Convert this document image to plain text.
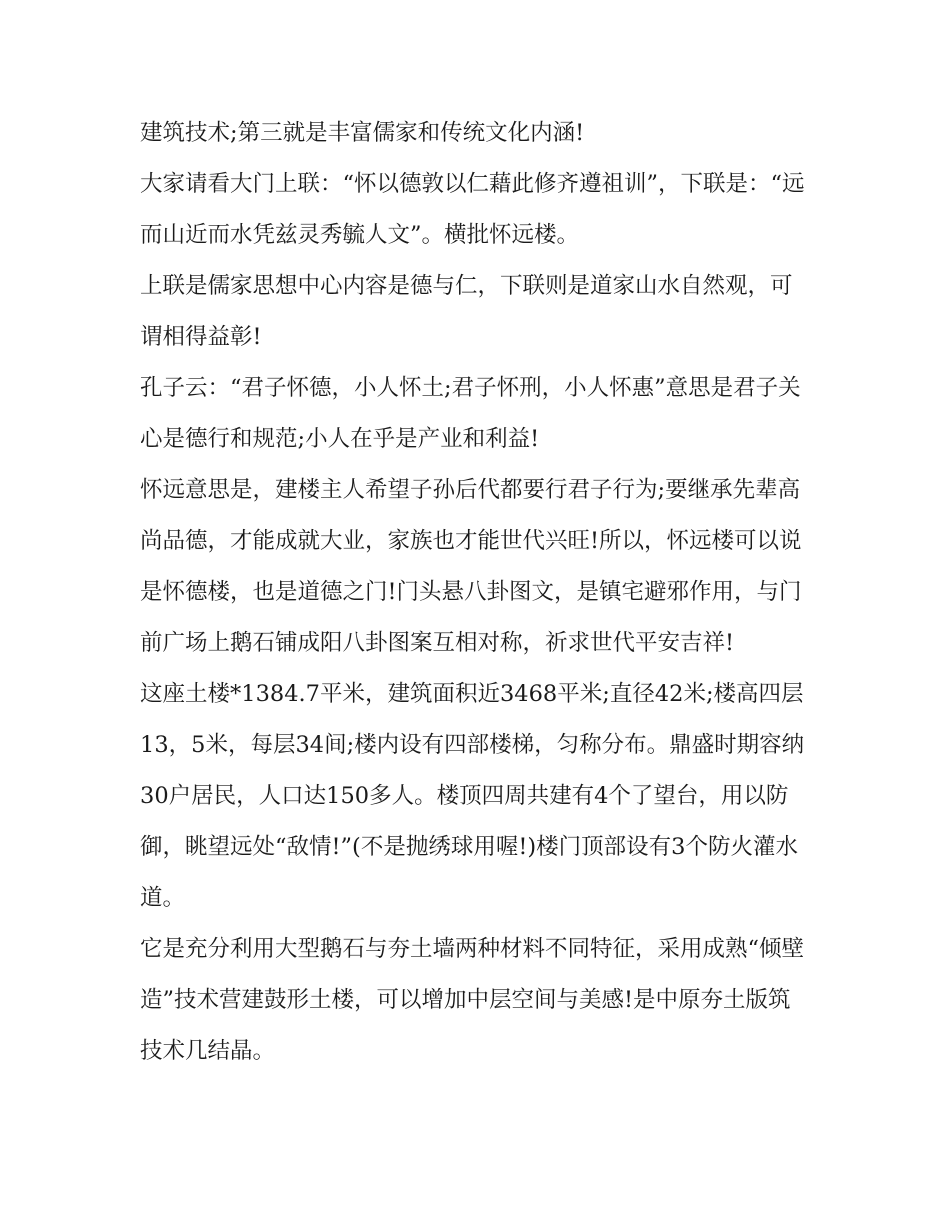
建筑技术;第三就是丰富儒家和传统文化内涵!

大家请看大门上联：“怀以德敦以仁藉此修齐遵祖训”，下联是：“远而山近而水凭兹灵秀毓人文”。横批怀远楼。

上联是儒家思想中心内容是德与仁，下联则是道家山水自然观，可谓相得益彰!

孔子云：“君子怀德，小人怀土;君子怀刑，小人怀惠”意思是君子关心是德行和规范;小人在乎是产业和利益!

怀远意思是，建楼主人希望子孙后代都要行君子行为;要继承先辈高尚品德，才能成就大业，家族也才能世代兴旺!所以，怀远楼可以说是怀德楼，也是道德之门!门头悬八卦图文，是镇宅避邪作用，与门前广场上鹅石铺成阳八卦图案互相对称，祈求世代平安吉祥!

这座土楼*1384.7平米，建筑面积近3468平米;直径42米;楼高四层13，5米，每层34间;楼内设有四部楼梯，匀称分布。鼎盛时期容纳30户居民，人口达150多人。楼顶四周共建有4个了望台，用以防御，眺望远处“敌情!”(不是抛绣球用喔!)楼门顶部设有3个防火灌水道。

它是充分利用大型鹅石与夯土墙两种材料不同特征，采用成熟“倾壁造”技术营建鼓形土楼，可以增加中层空间与美感!是中原夯土版筑技术几结晶。
